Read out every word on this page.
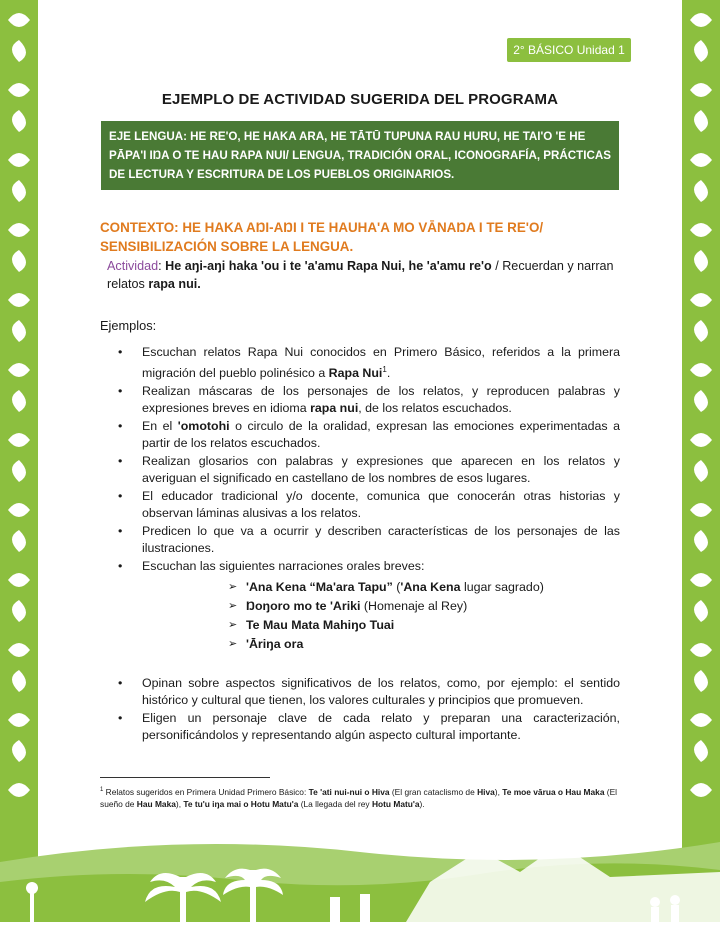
2° BÁSICO Unidad 1
EJEMPLO DE ACTIVIDAD SUGERIDA DEL PROGRAMA
EJE LENGUA: HE RE'O, HE HAKA ARA, HE TĀTŪ TUPUNA RAU HURU, HE TAI'O 'E HE PĀPA'I IŊA O TE HAU RAPA NUI/ LENGUA, TRADICIÓN ORAL, ICONOGRAFÍA, PRÁCTICAS DE LECTURA Y ESCRITURA DE LOS PUEBLOS ORIGINARIOS.
CONTEXTO: HE HAKA AŊI-AŊI I TE HAUHA'A MO VĀNAŊA I TE RE'O/ SENSIBILIZACIÓN SOBRE LA LENGUA.
Actividad: He aŋi-aŋi haka 'ou i te 'a'amu Rapa Nui, he 'a'amu re'o / Recuerdan y narran relatos rapa nui.
Ejemplos:
• Escuchan relatos Rapa Nui conocidos en Primero Básico, referidos a la primera migración del pueblo polinésico a Rapa Nui$^1$.
• Realizan máscaras de los personajes de los relatos, y reproducen palabras y expresiones breves en idioma rapa nui, de los relatos escuchados.
• En el 'omotohi o circulo de la oralidad, expresan las emociones experimentadas a partir de los relatos escuchados.
• Realizan glosarios con palabras y expresiones que aparecen en los relatos y averiguan el significado en castellano de los nombres de esos lugares.
• El educador tradicional y/o docente, comunica que conocerán otras historias y observan láminas alusivas a los relatos.
• Predicen lo que va a ocurrir y describen características de los personajes de las ilustraciones.
• Escuchan las siguientes narraciones orales breves:
➢ 'Ana Kena “Ma'ara Tapu” ('Ana Kena lugar sagrado)
➢ Ŋoŋoro mo te 'Ariki (Homenaje al Rey)
➢ Te Mau Mata Mahiŋo Tuai
➢ 'Āriŋa ora
• Opinan sobre aspectos significativos de los relatos, como, por ejemplo: el sentido histórico y cultural que tienen, los valores culturales y principios que promueven.
• Eligen un personaje clave de cada relato y preparan una caracterización, personificándolos y representando algún aspecto cultural importante.
$^1$ Relatos sugeridos en Primera Unidad Primero Básico: Te 'ati nui-nui o Hiva (El gran cataclismo de Hiva), Te moe vārua o Hau Maka (El sueño de Hau Maka), Te tu'u iŋa mai o Hotu Matu'a (La llegada del rey Hotu Matu'a).
